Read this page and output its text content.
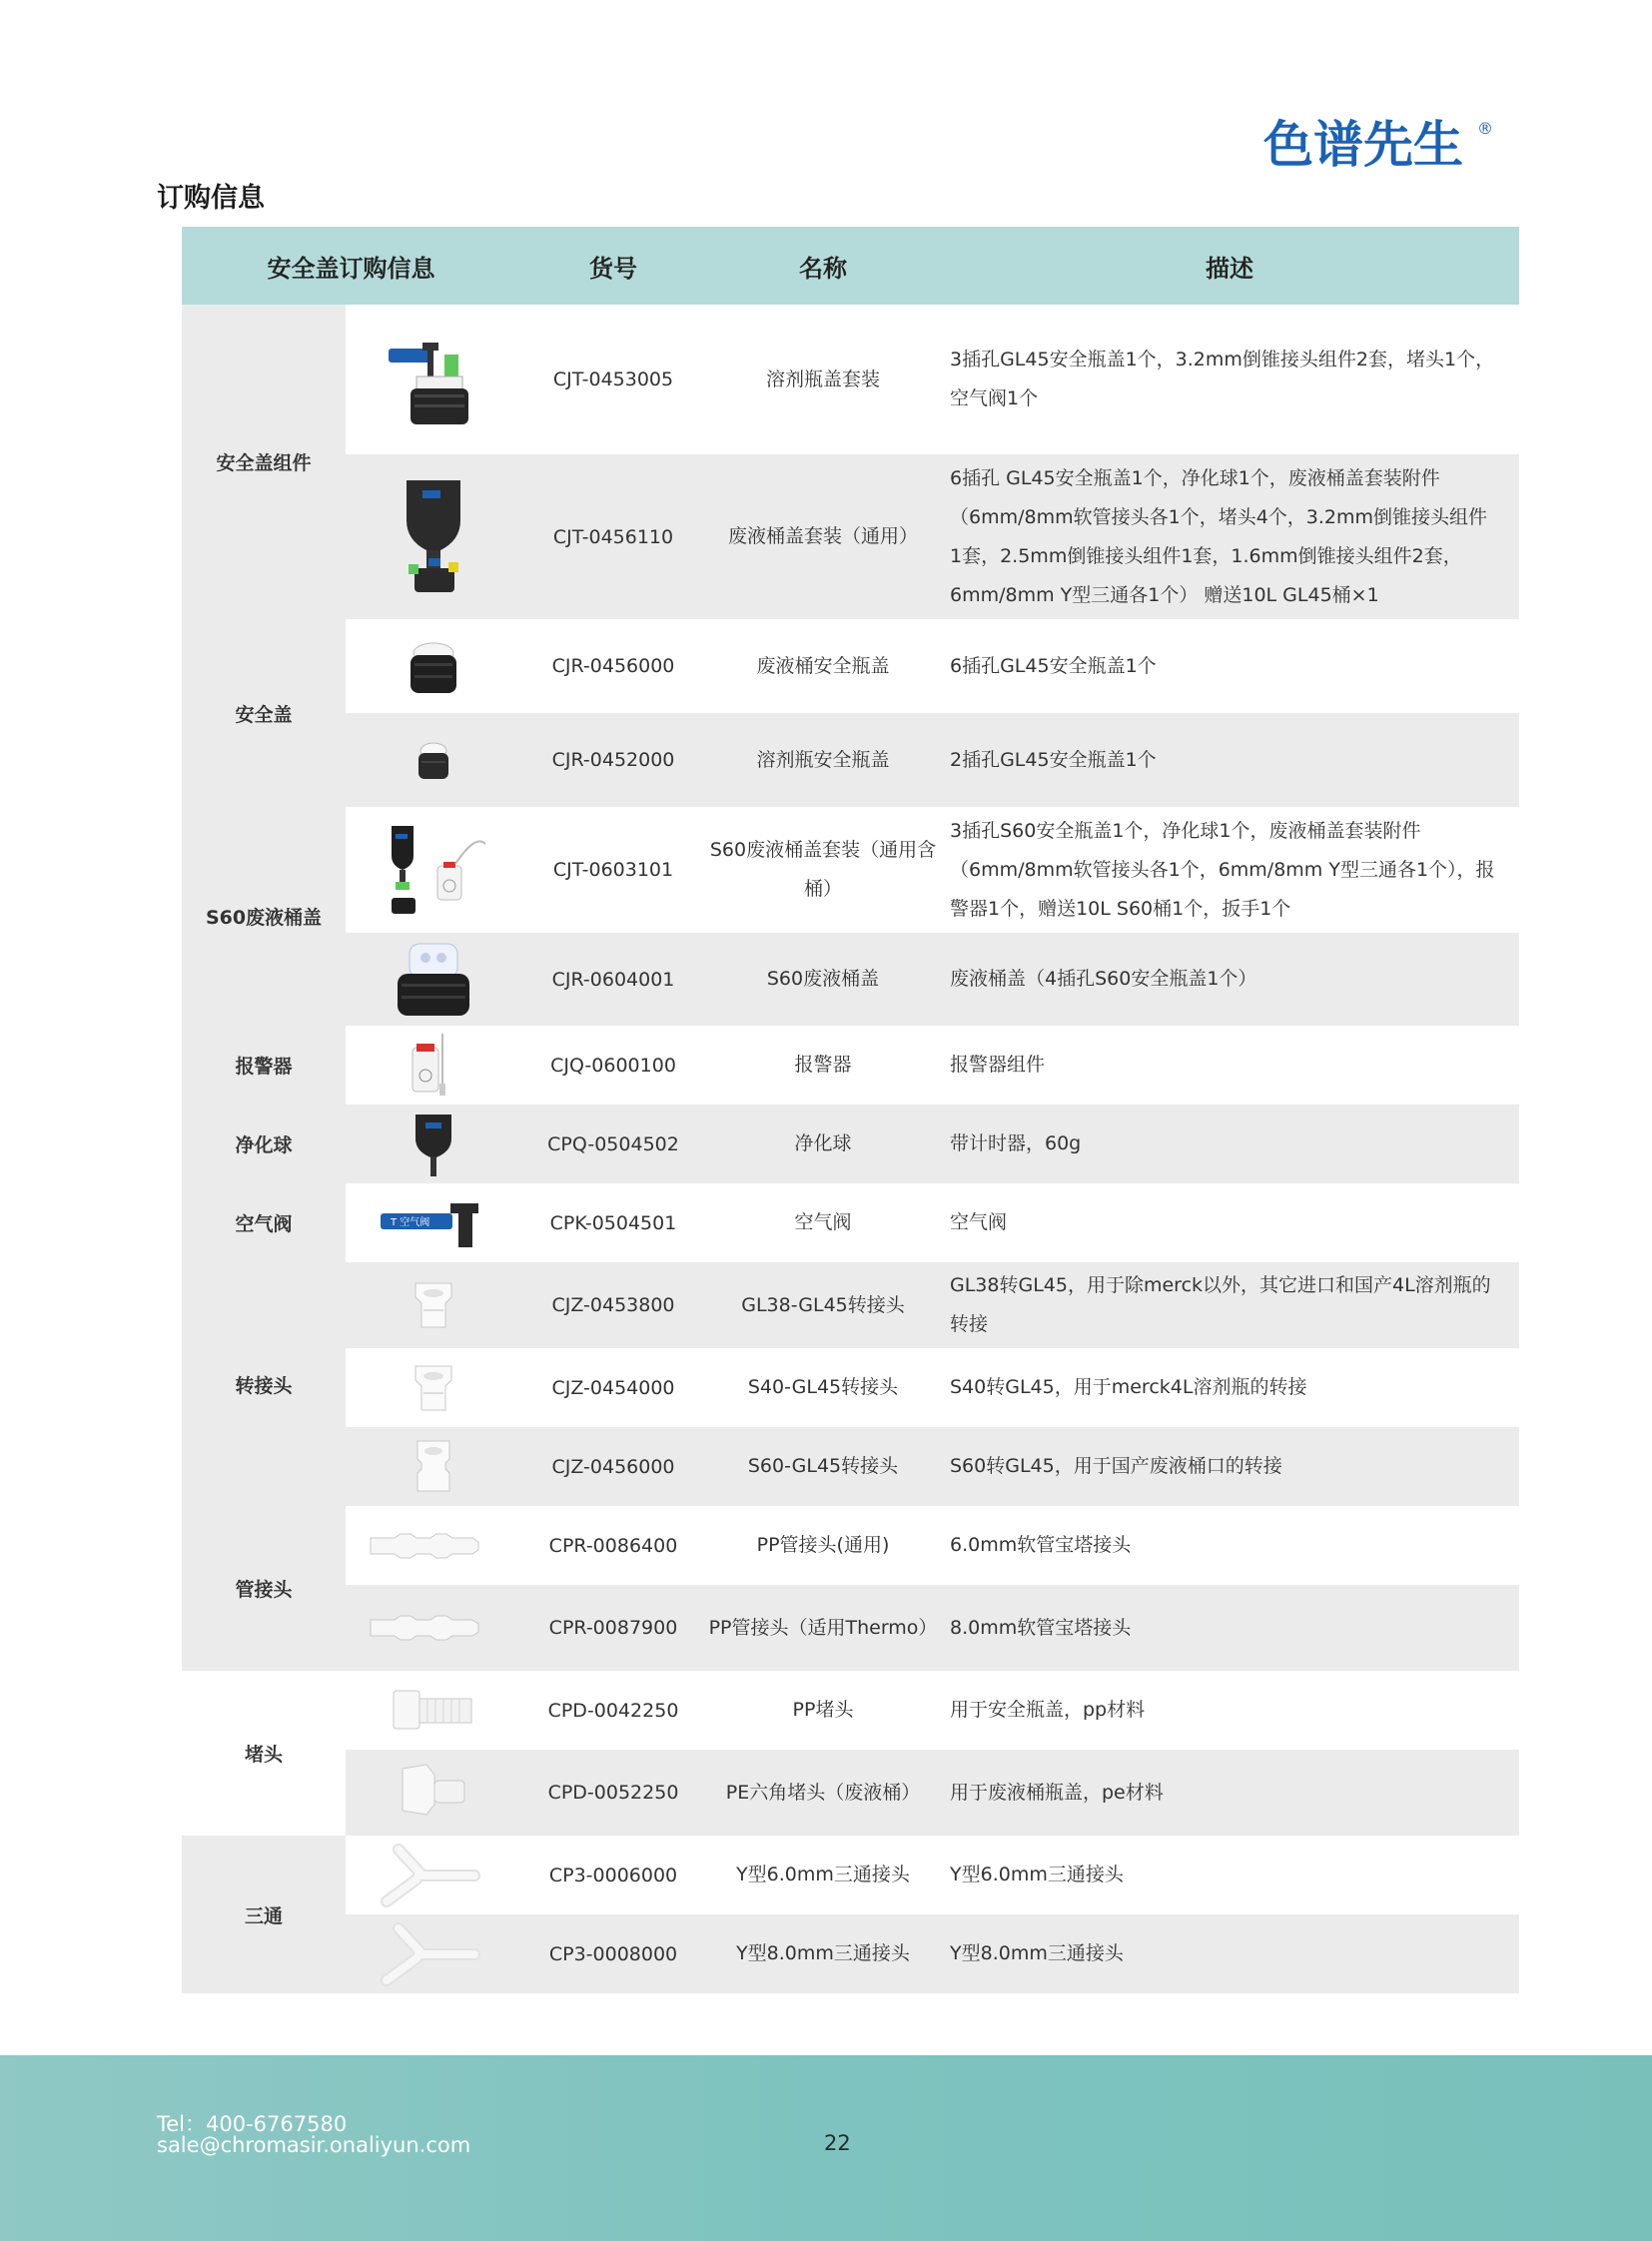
色谱先生 ®
订购信息
安全盖订购信息		货号	名称	描述
安全盖组件		CJT-0453005	溶剂瓶盖套装	3插孔GL45安全瓶盖1个，3.2mm倒锥接头组件2套，堵头1个，空气阀1个

	CJT-0456110	废液桶盖套装（通用）	6插孔 GL45安全瓶盖1个，净化球1个，废液桶盖套装附件（6mm/8mm软管接头各1个，堵头4个，3.2mm倒锥接头组件1套，2.5mm倒锥接头组件1套，1.6mm倒锥接头组件2套，6mm/8mm Y型三通各1个） 赠送10L GL45桶×1
安全盖		CJR-0456000	废液桶安全瓶盖	6插孔GL45安全瓶盖1个

	CJR-0452000	溶剂瓶安全瓶盖	2插孔GL45安全瓶盖1个
S60废液桶盖		CJT-0603101	S60废液桶盖套装（通用含桶）	3插孔S60安全瓶盖1个，净化球1个，废液桶盖套装附件（6mm/8mm软管接头各1个，6mm/8mm Y型三通各1个），报警器1个，赠送10L S60桶1个，扳手1个

	CJR-0604001	S60废液桶盖	废液桶盖（4插孔S60安全瓶盖1个）
报警器		CJQ-0600100	报警器	报警器组件
净化球		CPQ-0504502	净化球	带计时器，60g
空气阀	T 空气阀	CPK-0504501	空气阀	空气阀
转接头		CJZ-0453800	GL38-GL45转接头	GL38转GL45，用于除merck以外，其它进口和国产4L溶剂瓶的转接

	CJZ-0454000	S40-GL45转接头	S40转GL45，用于merck4L溶剂瓶的转接

	CJZ-0456000	S60-GL45转接头	S60转GL45，用于国产废液桶口的转接
管接头		CPR-0086400	PP管接头(通用)	6.0mm软管宝塔接头

	CPR-0087900	PP管接头（适用Thermo）	8.0mm软管宝塔接头
堵头		CPD-0042250	PP堵头	用于安全瓶盖，pp材料

	CPD-0052250	PE六角堵头（废液桶）	用于废液桶瓶盖，pe材料
三通		CP3-0006000	Y型6.0mm三通接头	Y型6.0mm三通接头

	CP3-0008000	Y型8.0mm三通接头	Y型8.0mm三通接头
Tel：400-6767580
sale@chromasir.onaliyun.com	22
